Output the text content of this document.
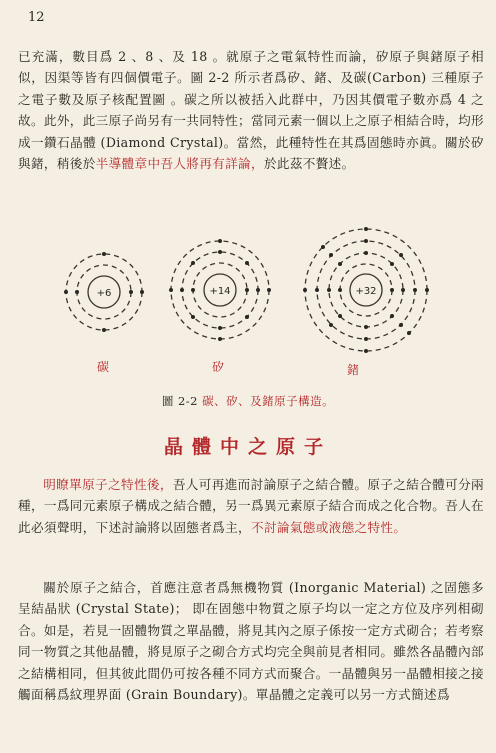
12
已充滿，數目爲 2 、8 、及 18 。就原子之電氣特性而論，矽原子與鍺原子相似，因渠等皆有四個價電子。圖 2-2 所示者爲矽、鍺、及碳(Carbon) 三種原子之電子數及原子核配置圖 。碳之所以被括入此群中，乃因其價電子數亦爲 4 之故。此外，此三原子尚另有一共同特性；當同元素一個以上之原子相結合時，均形成一鑽石晶體 (Diamond Crystal)。當然，此種特性在其爲固態時亦眞。關於矽與鍺，稍後於半導體章中吾人將再有詳論，於此茲不贅述。
+6	+14	+32
碳	矽	鍺
圖 2-2 碳、矽、及鍺原子構造。
晶體中之原子
明瞭單原子之特性後，吾人可再進而討論原子之結合體。原子之結合體可分兩種，一爲同元素原子構成之結合體，另一爲異元素原子結合而成之化合物。吾人在此必須聲明，下述討論將以固態者爲主，不討論氣態或液態之特性。
關於原子之結合，首應注意者爲無機物質 (Inorganic Material) 之固態多呈結晶狀 (Crystal State)； 即在固態中物質之原子均以一定之方位及序列相砌合。如是，若見一固體物質之單晶體，將見其內之原子係按一定方式砌合；若考察同一物質之其他晶體，將見原子之砌合方式均完全與前見者相同。雖然各晶體內部之結構相同，但其彼此間仍可按各種不同方式而聚合。一晶體與另一晶體相接之接觸面稱爲紋理界面 (Grain Boundary)。單晶體之定義可以另一方式簡述爲
